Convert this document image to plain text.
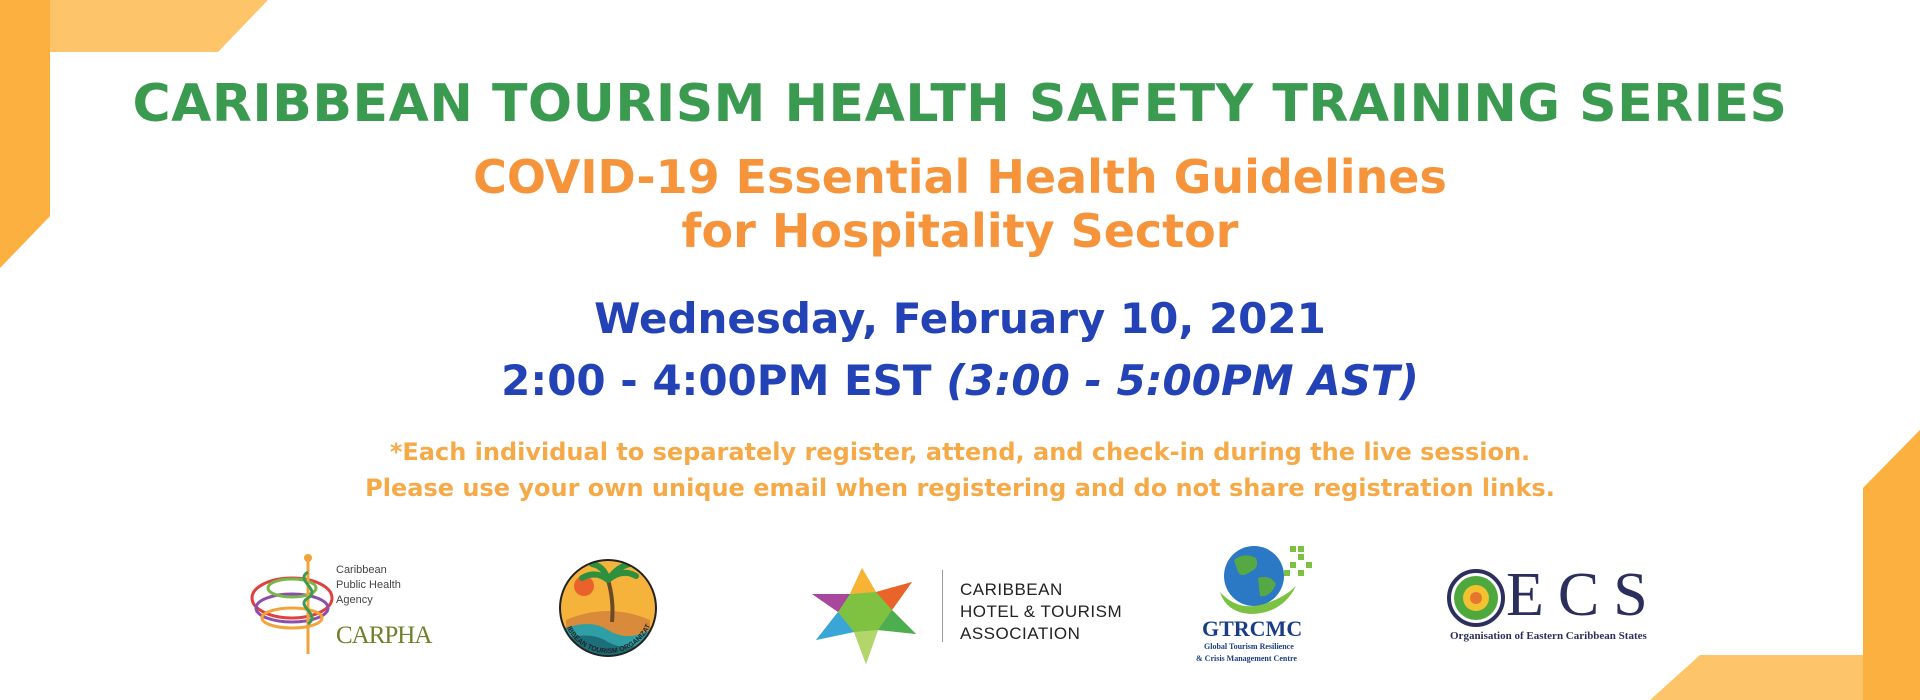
CARIBBEAN TOURISM HEALTH SAFETY TRAINING SERIES
COVID-19 Essential Health Guidelines
for Hospitality Sector
Wednesday, February 10, 2021
2:00 - 4:00PM EST (3:00 - 5:00PM AST)
*Each individual to separately register, attend, and check-in during the live session.
Please use your own unique email when registering and do not share registration links.
Caribbean
Public Health
Agency
CARPHA	IBBEAN TOURISM ORGANIZAT
CARIBBEAN
HOTEL & TOURISM
ASSOCIATION	GTRCMC
Global Tourism Resilience
& Crisis Management Centre
ECS
Organisation of Eastern Caribbean States
